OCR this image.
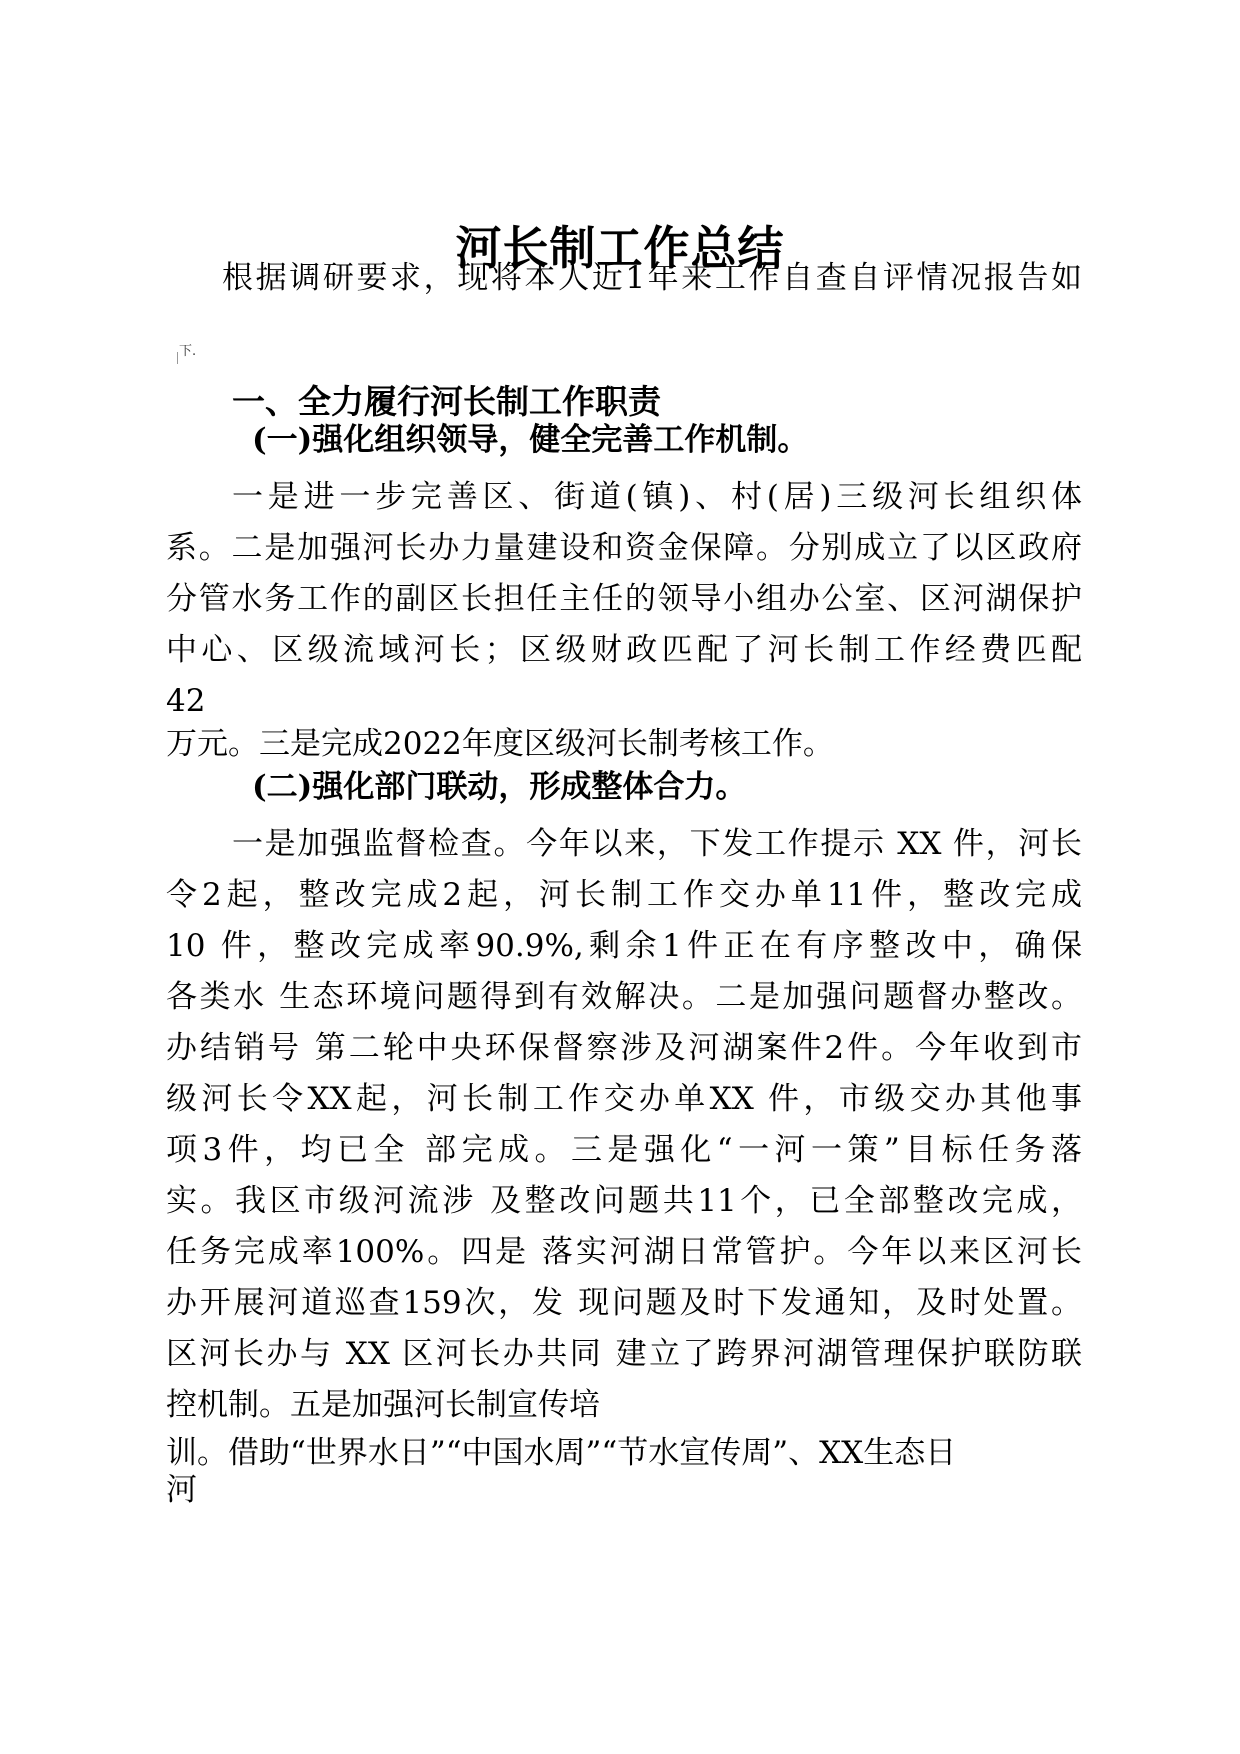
河长制工作总结
根据调研要求，现将本人近1年来工作自查自评情况报告如
下.
一、全力履行河长制工作职责
(一)强化组织领导，健全完善工作机制。
一是进一步完善区、街道(镇)、村(居)三级河长组织体
系。二是加强河长办力量建设和资金保障。分别成立了以区政府
分管水务工作的副区长担任主任的领导小组办公室、区河湖保护
中心、区级流域河长；区级财政匹配了河长制工作经费匹配
42
万元。三是完成2022年度区级河长制考核工作。
(二)强化部门联动，形成整体合力。
一是加强监督检查。今年以来，下发工作提示 XX 件，河长
令2起，整改完成2起，河长制工作交办单11件，整改完成
10 件，整改完成率90.9%,剩余1件正在有序整改中，确保
各类水 生态环境问题得到有效解决。二是加强问题督办整改。
办结销号 第二轮中央环保督察涉及河湖案件2件。今年收到市
级河长令XX起，河长制工作交办单XX 件，市级交办其他事
项3件，均已全 部完成。三是强化“一河一策”目标任务落
实。我区市级河流涉 及整改问题共11个，已全部整改完成，
任务完成率100%。四是 落实河湖日常管护。今年以来区河长
办开展河道巡查159次，发 现问题及时下发通知，及时处置。
区河长办与 XX 区河长办共同 建立了跨界河湖管理保护联防联
控机制。五是加强河长制宣传培
训。借助“世界水日”“中国水周”“节水宣传周”、XX生态日
河
